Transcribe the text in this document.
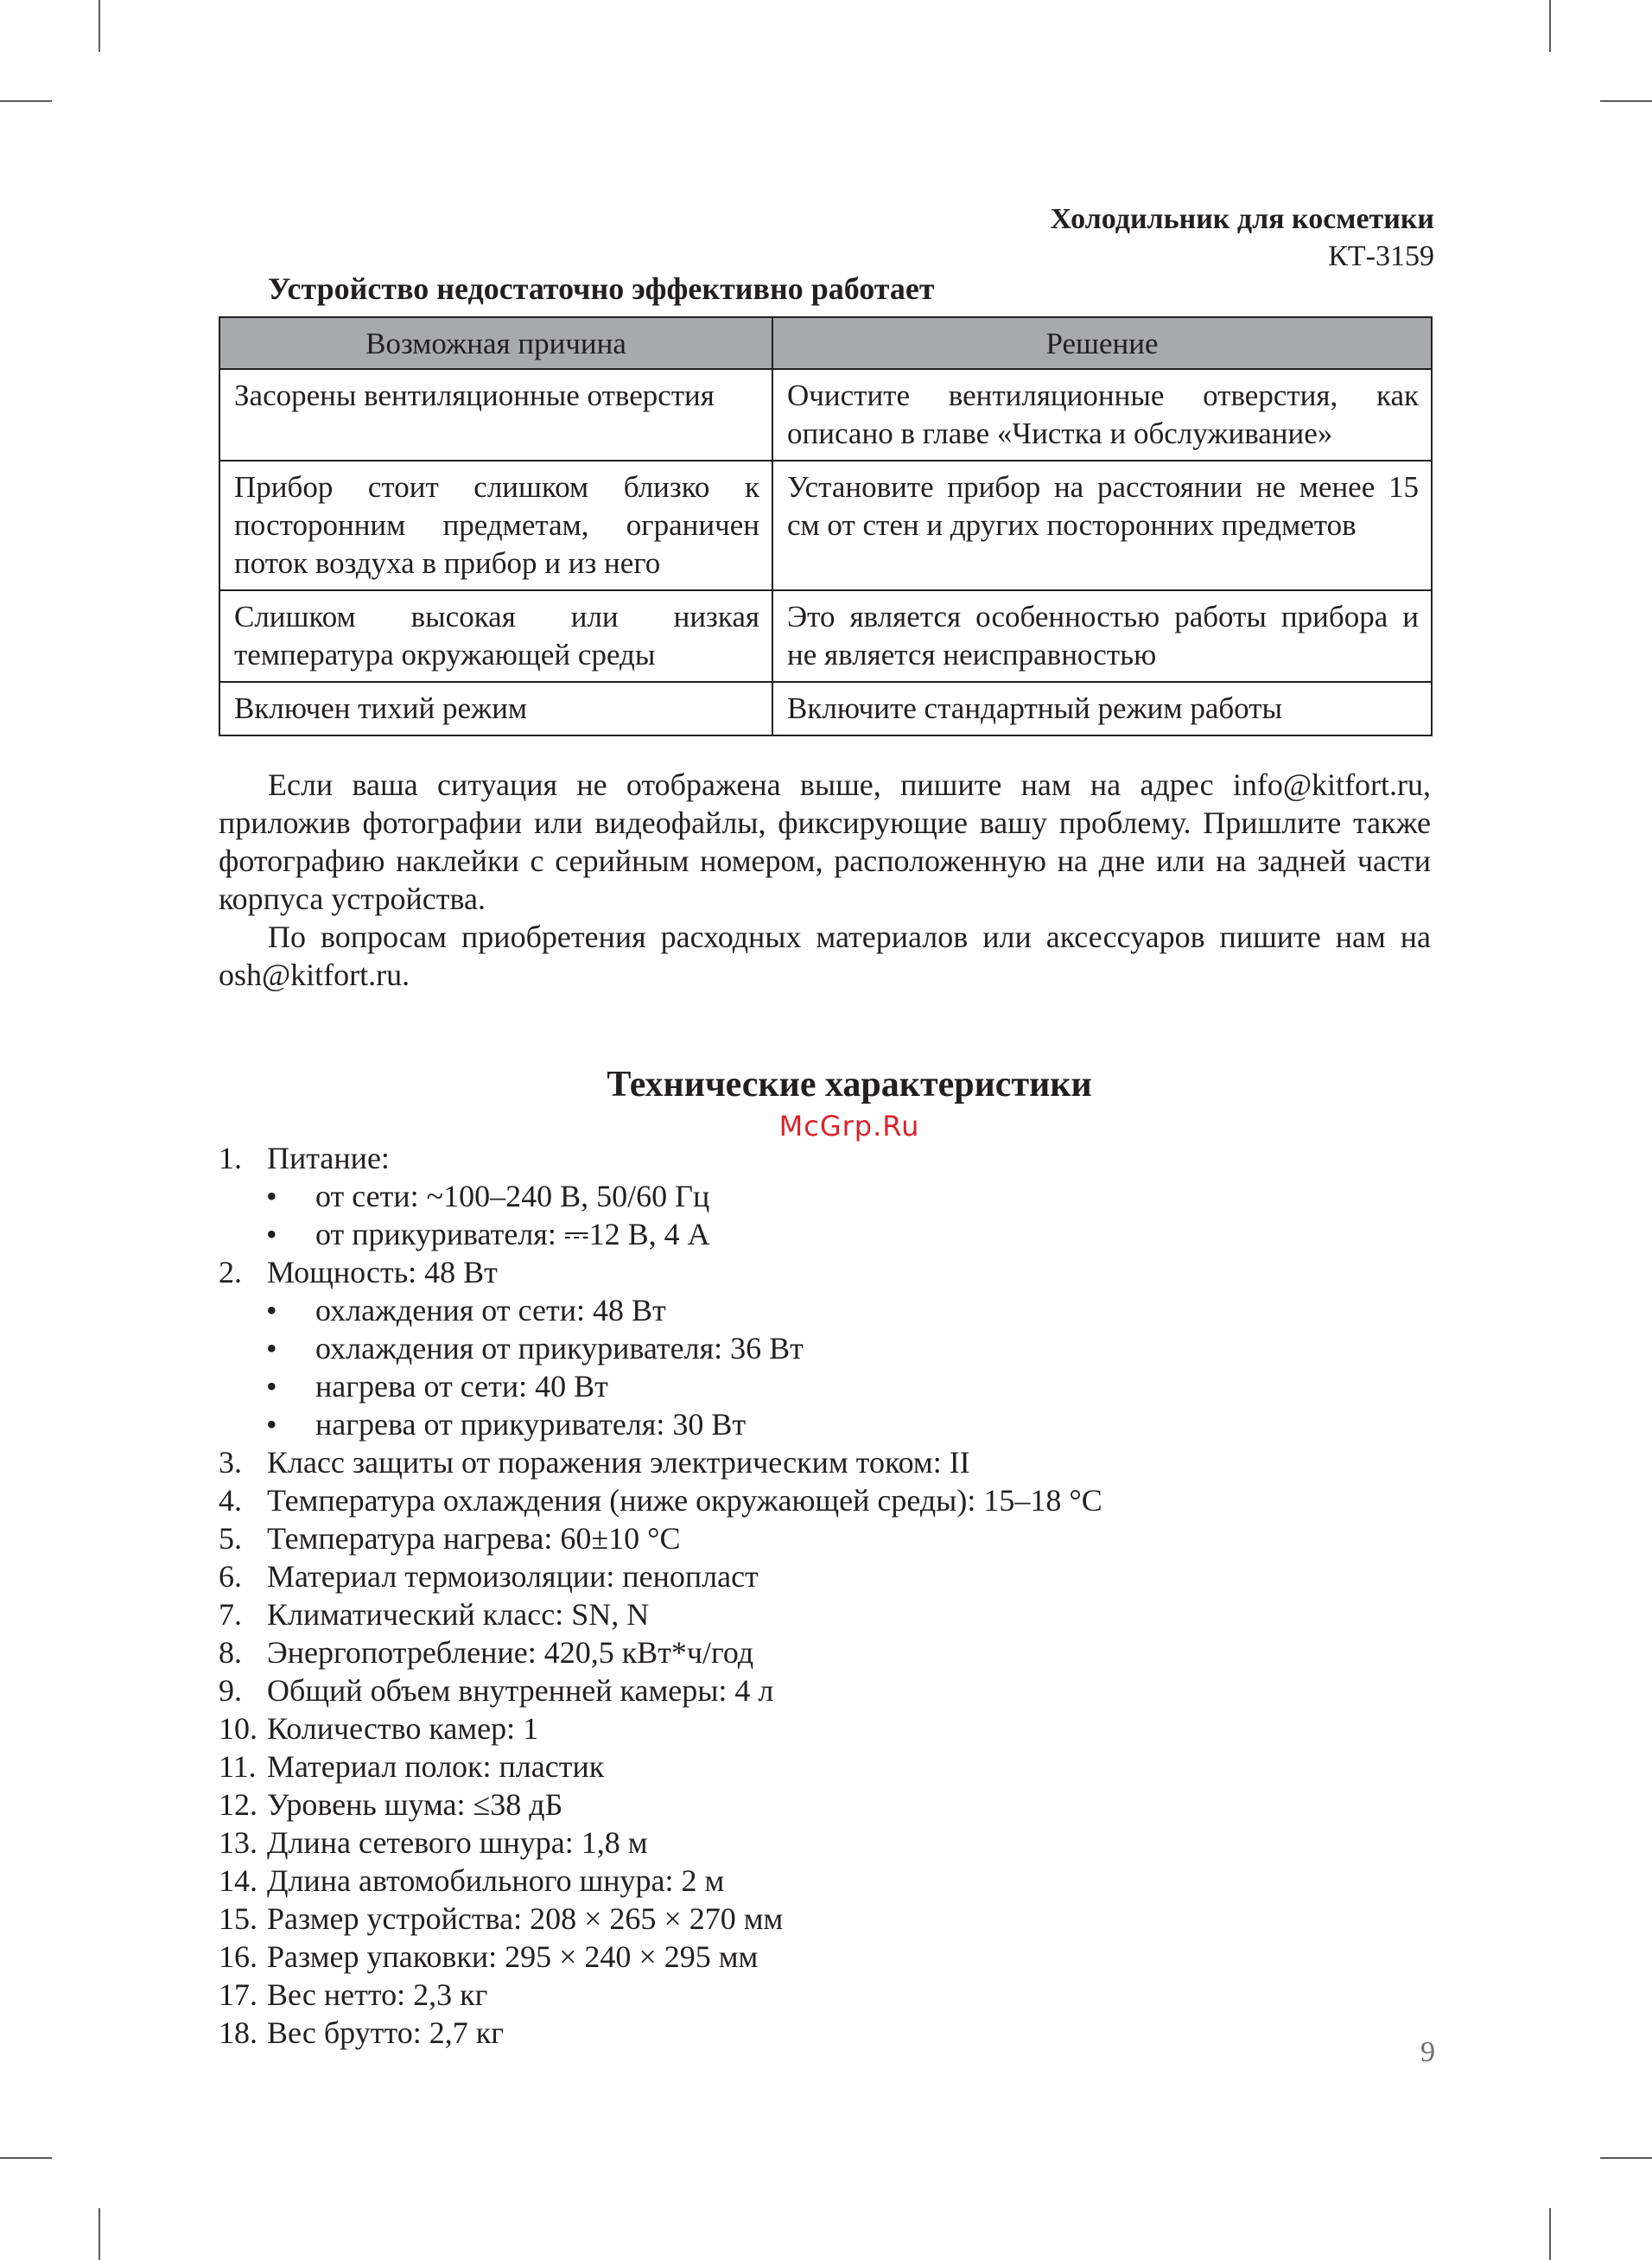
Холодильник для косметики
КТ-3159
Устройство недостаточно эффективно работает
Возможная причина	Решение
Засорены вентиляционные отверстия	Очистите вентиляционные отверстия, как описано в главе «Чистка и обслуживание»
Прибор стоит слишком близко к посторонним предметам, ограничен поток воздуха в прибор и из него	Установите прибор на расстоянии не менее 15 см от стен и других посторонних предметов
Слишком высокая или низкая температура окружающей среды	Это является особенностью работы прибора и не является неисправностью
Включен тихий режим	Включите стандартный режим работы

Если ваша ситуация не отображена выше, пишите нам на адрес info@kitfort.ru, приложив фотографии или видеофайлы, фиксирующие вашу проблему. Пришлите также фотографию наклейки с серийным номером, расположенную на дне или на задней части корпуса устройства.

По вопросам приобретения расходных материалов или аксессуаров пишите нам на osh@kitfort.ru.

Технические характеристики
McGrp.Ru
1. Питание:
• от сети: ~100–240 В, 50/60 Гц
• от прикуривателя: ⎓12 В, 4 А
2. Мощность: 48 Вт
• охлаждения от сети: 48 Вт
• охлаждения от прикуривателя: 36 Вт
• нагрева от сети: 40 Вт
• нагрева от прикуривателя: 30 Вт
3. Класс защиты от поражения электрическим током: II
4. Температура охлаждения (ниже окружающей среды): 15–18 °С
5. Температура нагрева: 60±10 °С
6. Материал термоизоляции: пенопласт
7. Климатический класс: SN, N
8. Энергопотребление: 420,5 кВт*ч/год
9. Общий объем внутренней камеры: 4 л
10. Количество камер: 1
11. Материал полок: пластик
12. Уровень шума: ≤38 дБ
13. Длина сетевого шнура: 1,8 м
14. Длина автомобильного шнура: 2 м
15. Размер устройства: 208 × 265 × 270 мм
16. Размер упаковки: 295 × 240 × 295 мм
17. Вес нетто: 2,3 кг
18. Вес брутто: 2,7 кг
9
